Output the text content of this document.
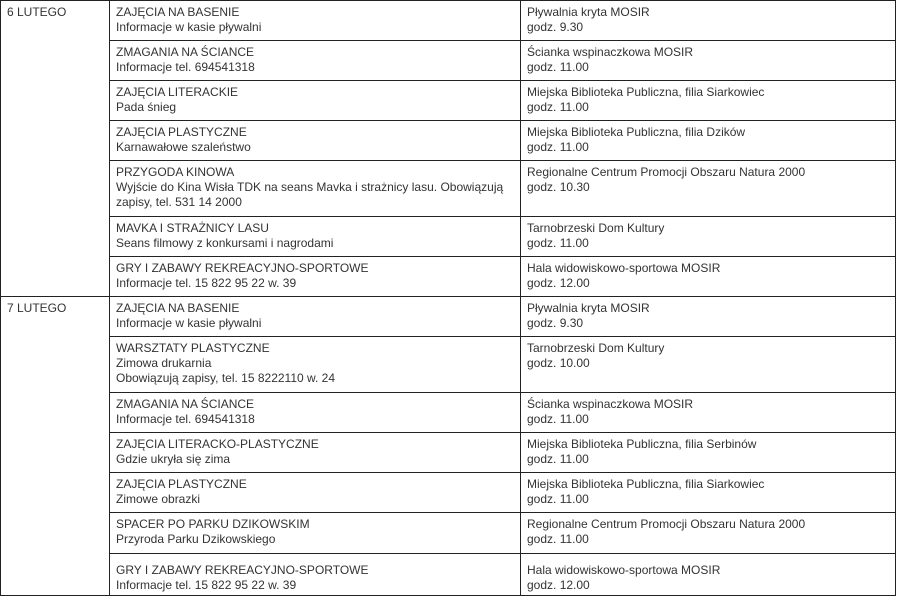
6 LUTEGO	ZAJĘCIA NA BASENIE
Informacje w kasie pływalni	Pływalnia kryta MOSIR
godz. 9.30

	ZMAGANIA NA ŚCIANCE
Informacje tel. 694541318	Ścianka wspinaczkowa MOSIR
godz. 11.00

	ZAJĘCIA LITERACKIE
Pada śnieg	Miejska Biblioteka Publiczna, filia Siarkowiec
godz. 11.00

	ZAJĘCIA PLASTYCZNE
Karnawałowe szaleństwo	Miejska Biblioteka Publiczna, filia Dzików
godz. 11.00

	PRZYGODA KINOWA
Wyjście do Kina Wisła TDK na seans Mavka i strażnicy lasu. Obowiązują
zapisy, tel. 531 14 2000	Regionalne Centrum Promocji Obszaru Natura 2000
godz. 10.30

	MAVKA I STRAŻNICY LASU
Seans filmowy z konkursami i nagrodami	Tarnobrzeski Dom Kultury
godz. 11.00

	GRY I ZABAWY REKREACYJNO-SPORTOWE
Informacje tel. 15 822 95 22 w. 39	Hala widowiskowo-sportowa MOSIR
godz. 12.00

7 LUTEGO	ZAJĘCIA NA BASENIE
Informacje w kasie pływalni	Pływalnia kryta MOSIR
godz. 9.30

	WARSZTATY PLASTYCZNE
Zimowa drukarnia
Obowiązują zapisy, tel. 15 8222110 w. 24	Tarnobrzeski Dom Kultury
godz. 10.00

	ZMAGANIA NA ŚCIANCE
Informacje tel. 694541318	Ścianka wspinaczkowa MOSIR
godz. 11.00

	ZAJĘCIA LITERACKO-PLASTYCZNE
Gdzie ukryła się zima	Miejska Biblioteka Publiczna, filia Serbinów
godz. 11.00

	ZAJĘCIA PLASTYCZNE
Zimowe obrazki	Miejska Biblioteka Publiczna, filia Siarkowiec
godz. 11.00

	SPACER PO PARKU DZIKOWSKIM
Przyroda Parku Dzikowskiego	Regionalne Centrum Promocji Obszaru Natura 2000
godz. 11.00

	GRY I ZABAWY REKREACYJNO-SPORTOWE
Informacje tel. 15 822 95 22 w. 39	Hala widowiskowo-sportowa MOSIR
godz. 12.00
